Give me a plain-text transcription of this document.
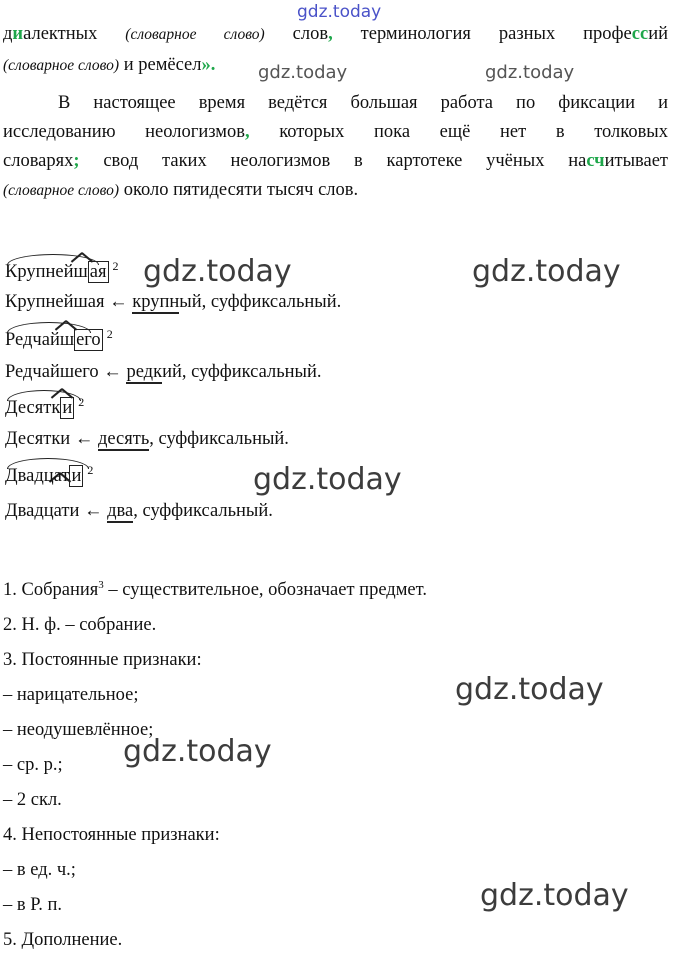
gdz.today
gdz.today	gdz.today
gdz.today	gdz.today
gdz.today
gdz.today
gdz.today
gdz.today
диалектных (словарное слово) слов, терминология разных профессий
(словарное слово) и ремёсел».
В настоящее время ведётся большая работа по фиксации и
исследованию неологизмов, которых пока ещё нет в толковых
словарях; свод таких неологизмов в картотеке учёных насчитывает
(словарное слово) около пятидесяти тысяч слов.
Крупнейш ая $^2$
Крупнейшая ← крупный, суффиксальный.
Редчайш его $^2$
Редчайшего ← редкий, суффиксальный.
Десятк и $^2$
Десятки ← десять, суффиксальный.
Двадцат и $^2$
Двадцати ← два, суффиксальный.
1. Собрания$^3$ – существительное, обозначает предмет.
2. Н. ф. – собрание.
3. Постоянные признаки:
– нарицательное;
– неодушевлённое;
– ср. р.;
– 2 скл.
4. Непостоянные признаки:
– в ед. ч.;
– в Р. п.
5. Дополнение.
